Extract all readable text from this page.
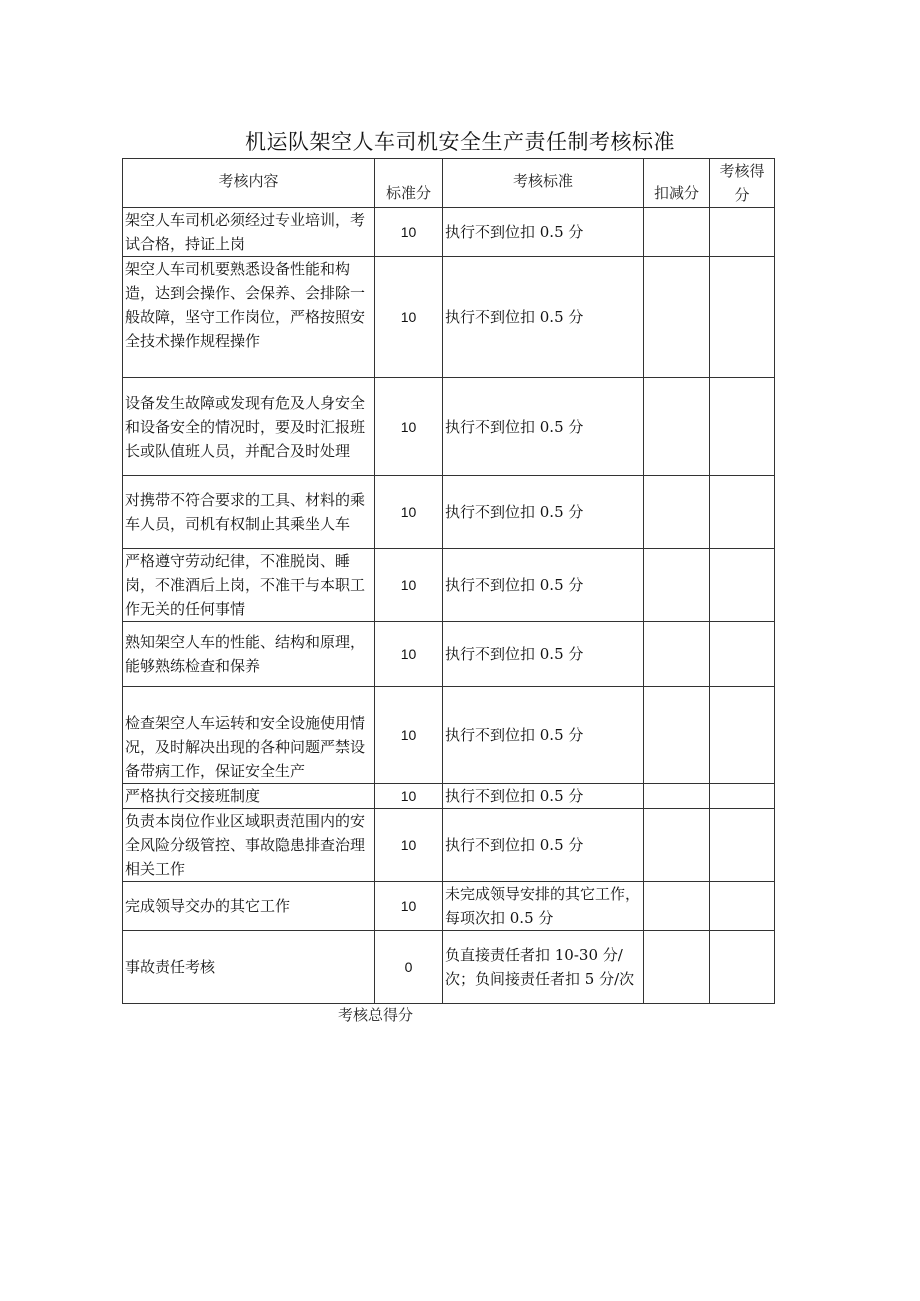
机运队架空人车司机安全生产责任制考核标准
考核内容	标准分	考核标准	扣减分	考核得分
架空人车司机必须经过专业培训，考试合格，持证上岗	10	执行不到位扣 0.5 分		
架空人车司机要熟悉设备性能和构造，达到会操作、会保养、会排除一般故障，坚守工作岗位，严格按照安全技术操作规程操作	10	执行不到位扣 0.5 分		
设备发生故障或发现有危及人身安全和设备安全的情况时，要及时汇报班长或队值班人员，并配合及时处理	10	执行不到位扣 0.5 分		
对携带不符合要求的工具、材料的乘车人员，司机有权制止其乘坐人车	10	执行不到位扣 0.5 分		
严格遵守劳动纪律，不准脱岗、睡岗，不准酒后上岗，不准干与本职工作无关的任何事情	10	执行不到位扣 0.5 分		
熟知架空人车的性能、结构和原理，能够熟练检查和保养	10	执行不到位扣 0.5 分		
检查架空人车运转和安全设施使用情况，及时解决出现的各种问题严禁设备带病工作，保证安全生产	10	执行不到位扣 0.5 分		
严格执行交接班制度	10	执行不到位扣 0.5 分		
负责本岗位作业区域职责范围内的安全风险分级管控、事故隐患排查治理相关工作	10	执行不到位扣 0.5 分		
完成领导交办的其它工作	10	未完成领导安排的其它工作，每项次扣 0.5 分		
事故责任考核	0	负直接责任者扣 10-30 分/次；负间接责任者扣 5 分/次		
考核总得分
